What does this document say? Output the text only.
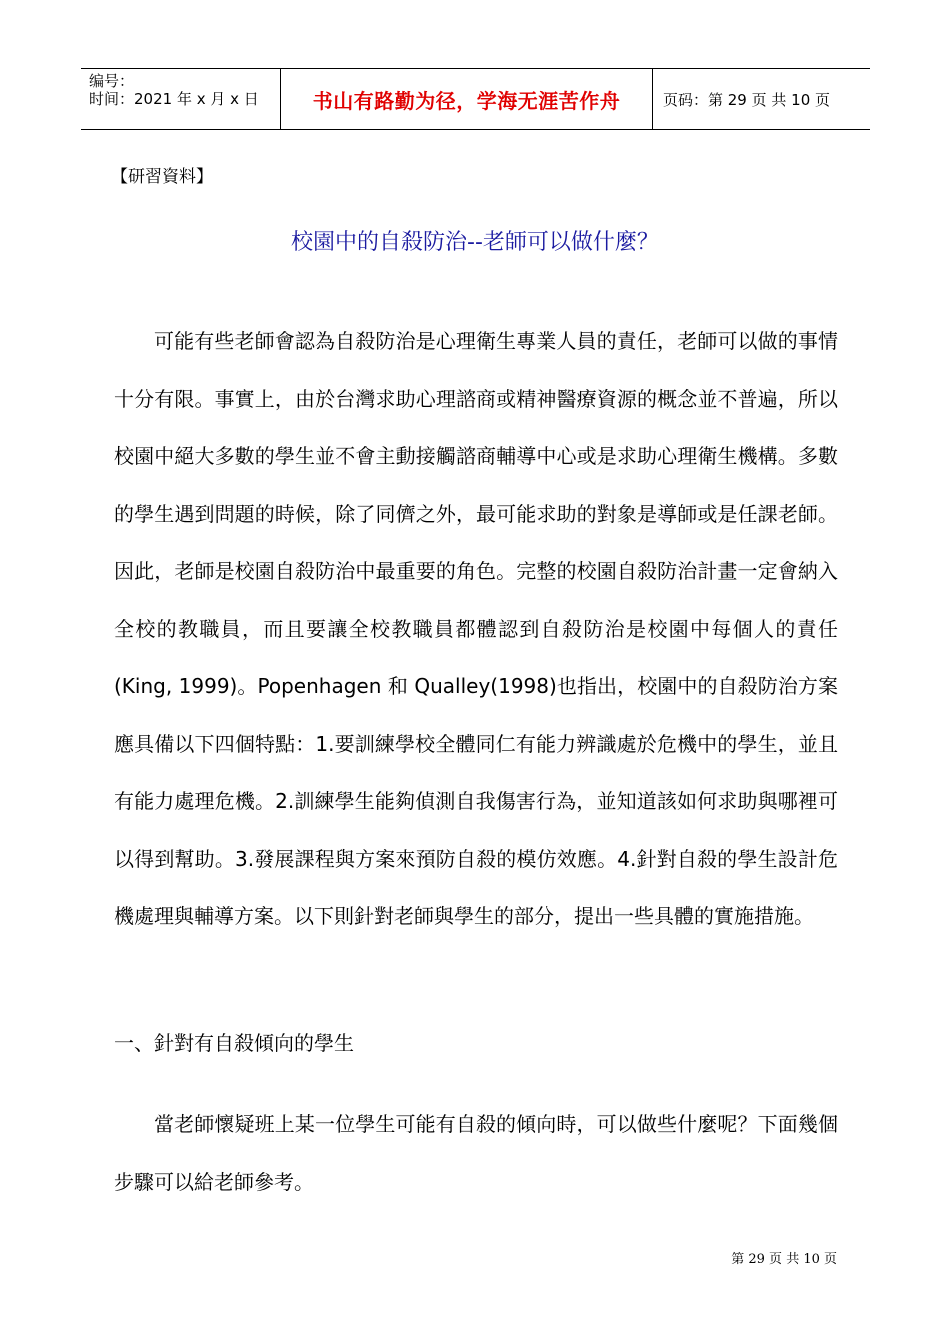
编号：
时间：2021 年 x 月 x 日	书山有路勤为径，学海无涯苦作舟	页码：第 29 页 共 10 页
【研習資料】
校園中的自殺防治--老師可以做什麼？

可能有些老師會認為自殺防治是心理衛生專業人員的責任，老師可以做的事情十分有限。事實上，由於台灣求助心理諮商或精神醫療資源的概念並不普遍，所以校園中絕大多數的學生並不會主動接觸諮商輔導中心或是求助心理衛生機構。多數的學生遇到問題的時候，除了同儕之外，最可能求助的對象是導師或是任課老師。因此，老師是校園自殺防治中最重要的角色。完整的校園自殺防治計畫一定會納入全校的教職員，而且要讓全校教職員都體認到自殺防治是校園中每個人的責任(King, 1999)。Popenhagen 和 Qualley(1998)也指出，校園中的自殺防治方案應具備以下四個特點：1.要訓練學校全體同仁有能力辨識處於危機中的學生，並且有能力處理危機。2.訓練學生能夠偵測自我傷害行為，並知道該如何求助與哪裡可以得到幫助。3.發展課程與方案來預防自殺的模仿效應。4.針對自殺的學生設計危機處理與輔導方案。以下則針對老師與學生的部分，提出一些具體的實施措施。

一、針對有自殺傾向的學生

當老師懷疑班上某一位學生可能有自殺的傾向時，可以做些什麼呢？下面幾個步驟可以給老師參考。

第 29 页 共 10 页
